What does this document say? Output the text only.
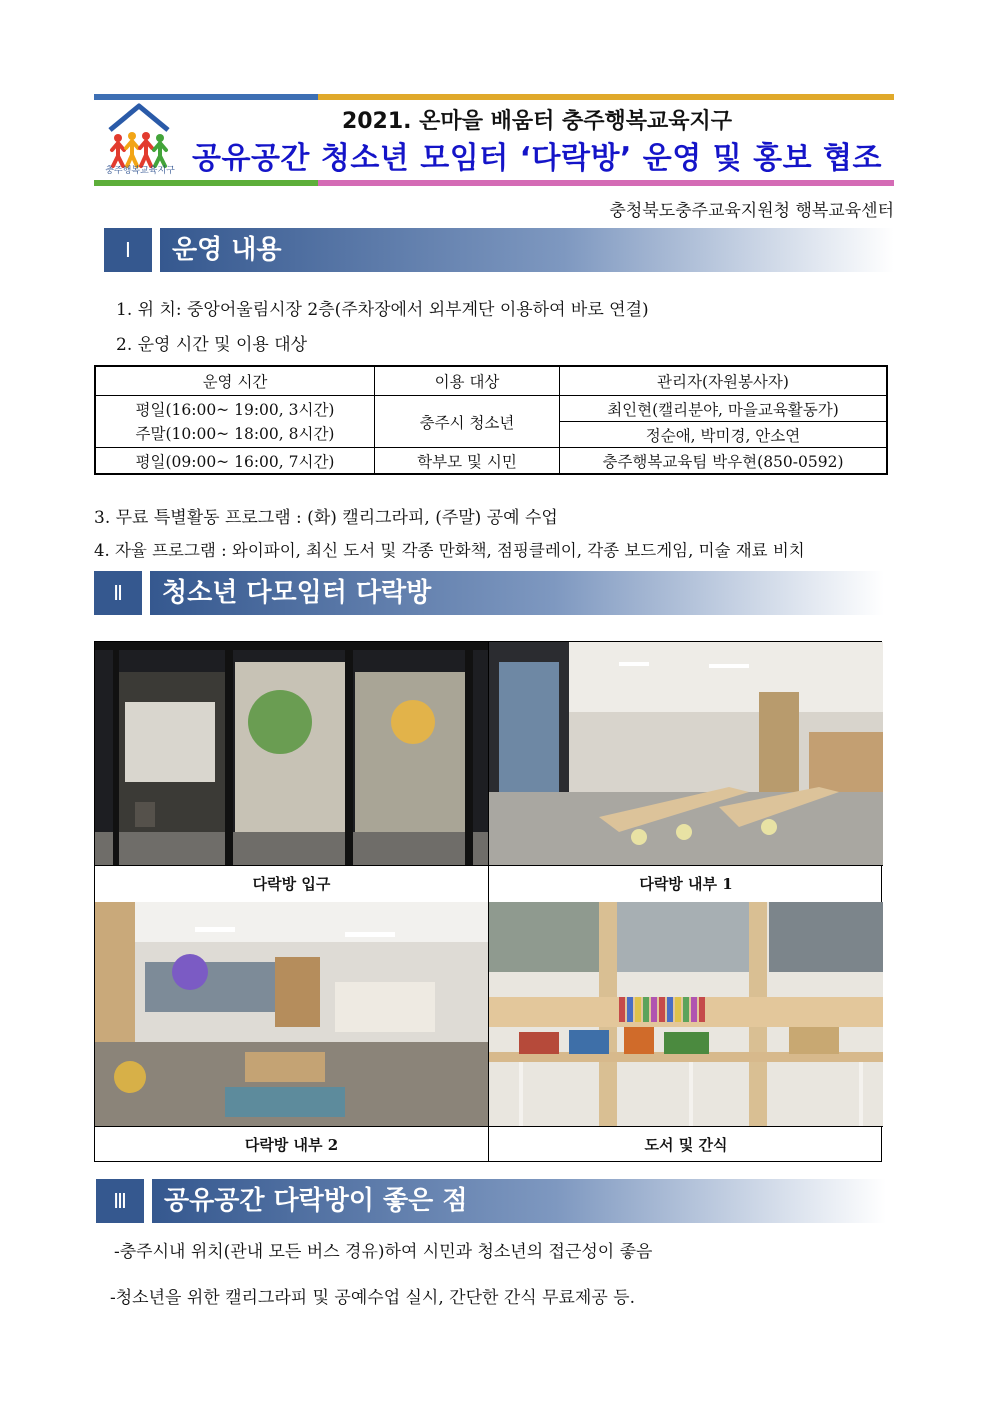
충주행복교육지구
2021. 온마을 배움터 충주행복교육지구
공유공간 청소년 모임터 ‘다락방’ 운영 및 홍보 협조
충청북도충주교육지원청 행복교육센터
Ⅰ	운영 내용
1. 위 치: 중앙어울림시장 2층(주차장에서 외부계단 이용하여 바로 연결)
2. 운영 시간 및 이용 대상
운영 시간	이용 대상	관리자(자원봉사자)

평일(16:00~ 19:00, 3시간)
주말(10:00~ 18:00, 8시간)	충주시 청소년	최인현(캘리분야, 마을교육활동가)
		정순애, 박미경, 안소연
평일(09:00~ 16:00, 7시간)	학부모 및 시민	충주행복교육팀 박우현(850-0592)
3. 무료 특별활동 프로그램 : (화) 캘리그라피, (주말) 공예 수업
4. 자율 프로그램 : 와이파이, 최신 도서 및 각종 만화책, 점핑클레이, 각종 보드게임, 미술 재료 비치
Ⅱ	청소년 다모임터 다락방
다락방 입구	다락방 내부 1
다락방 내부 2	도서 및 간식
Ⅲ	공유공간 다락방이 좋은 점
-충주시내 위치(관내 모든 버스 경유)하여 시민과 청소년의 접근성이 좋음
-청소년을 위한 캘리그라피 및 공예수업 실시, 간단한 간식 무료제공 등.
